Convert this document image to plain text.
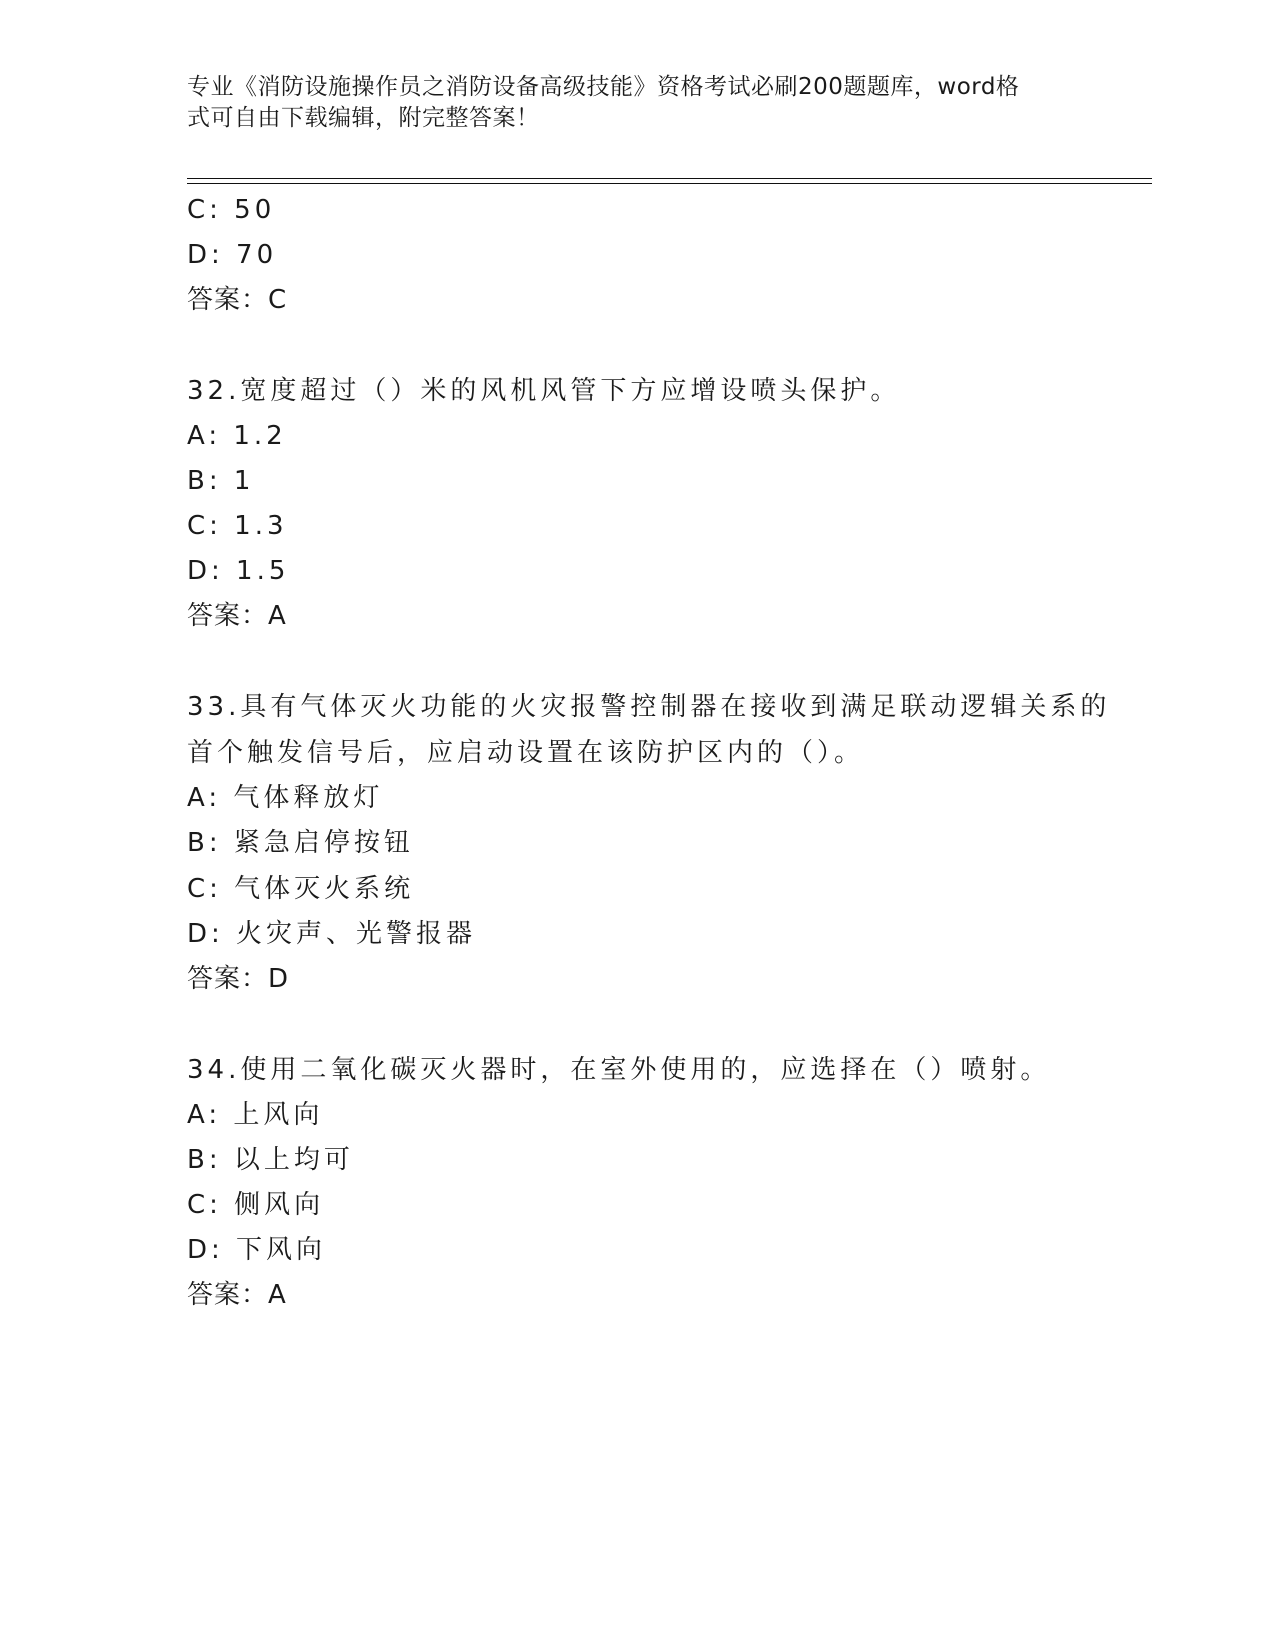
专业《消防设施操作员之消防设备高级技能》资格考试必刷200题题库，word格
式可自由下载编辑，附完整答案！
C: 50
D: 70
答案：C
32.宽度超过（）米的风机风管下方应增设喷头保护。
A: 1.2
B: 1
C: 1.3
D: 1.5
答案：A
33.具有气体灭火功能的火灾报警控制器在接收到满足联动逻辑关系的
首个触发信号后，应启动设置在该防护区内的（）。
A: 气体释放灯
B: 紧急启停按钮
C: 气体灭火系统
D: 火灾声、光警报器
答案：D
34.使用二氧化碳灭火器时，在室外使用的，应选择在（）喷射。
A: 上风向
B: 以上均可
C: 侧风向
D: 下风向
答案：A
